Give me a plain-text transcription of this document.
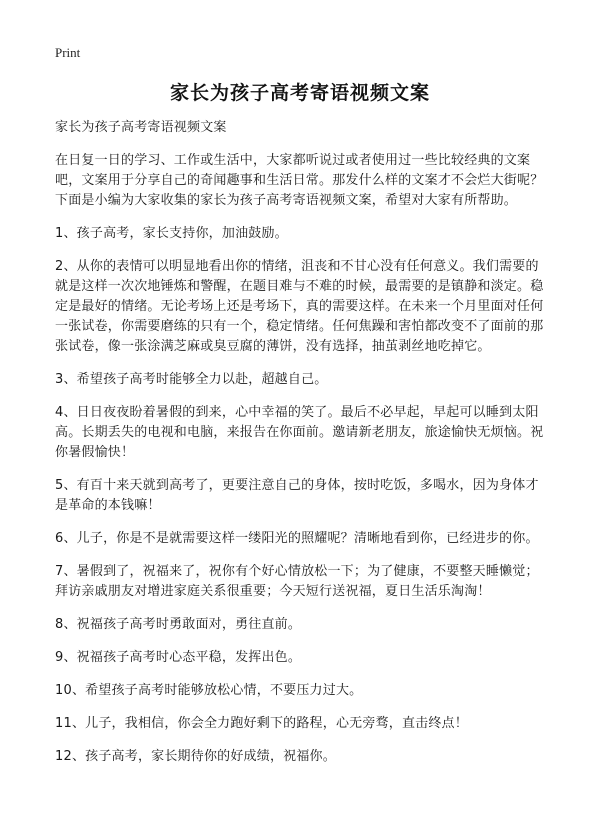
Print
家长为孩子高考寄语视频文案

家长为孩子高考寄语视频文案

在日复一日的学习、工作或生活中，大家都听说过或者使用过一些比较经典的文案吧，文案用于分享自己的奇闻趣事和生活日常。那发什么样的文案才不会烂大街呢？下面是小编为大家收集的家长为孩子高考寄语视频文案，希望对大家有所帮助。

1、孩子高考，家长支持你，加油鼓励。

2、从你的表情可以明显地看出你的情绪，沮丧和不甘心没有任何意义。我们需要的就是这样一次次地锤炼和警醒，在题目难与不难的时候，最需要的是镇静和淡定。稳定是最好的情绪。无论考场上还是考场下，真的需要这样。在未来一个月里面对任何一张试卷，你需要磨练的只有一个，稳定情绪。任何焦躁和害怕都改变不了面前的那张试卷，像一张涂满芝麻或臭豆腐的薄饼，没有选择，抽茧剥丝地吃掉它。

3、希望孩子高考时能够全力以赴，超越自己。

4、日日夜夜盼着暑假的到来，心中幸福的笑了。最后不必早起，早起可以睡到太阳高。长期丢失的电视和电脑，来报告在你面前。邀请新老朋友，旅途愉快无烦恼。祝你暑假愉快！

5、有百十来天就到高考了，更要注意自己的身体，按时吃饭，多喝水，因为身体才是革命的本钱嘛！

6、儿子，你是不是就需要这样一缕阳光的照耀呢？清晰地看到你，已经进步的你。

7、暑假到了，祝福来了，祝你有个好心情放松一下；为了健康，不要整天睡懒觉；拜访亲戚朋友对增进家庭关系很重要；今天短行送祝福，夏日生活乐淘淘！

8、祝福孩子高考时勇敢面对，勇往直前。

9、祝福孩子高考时心态平稳，发挥出色。

10、希望孩子高考时能够放松心情，不要压力过大。

11、儿子，我相信，你会全力跑好剩下的路程，心无旁骛，直击终点！

12、孩子高考，家长期待你的好成绩，祝福你。
